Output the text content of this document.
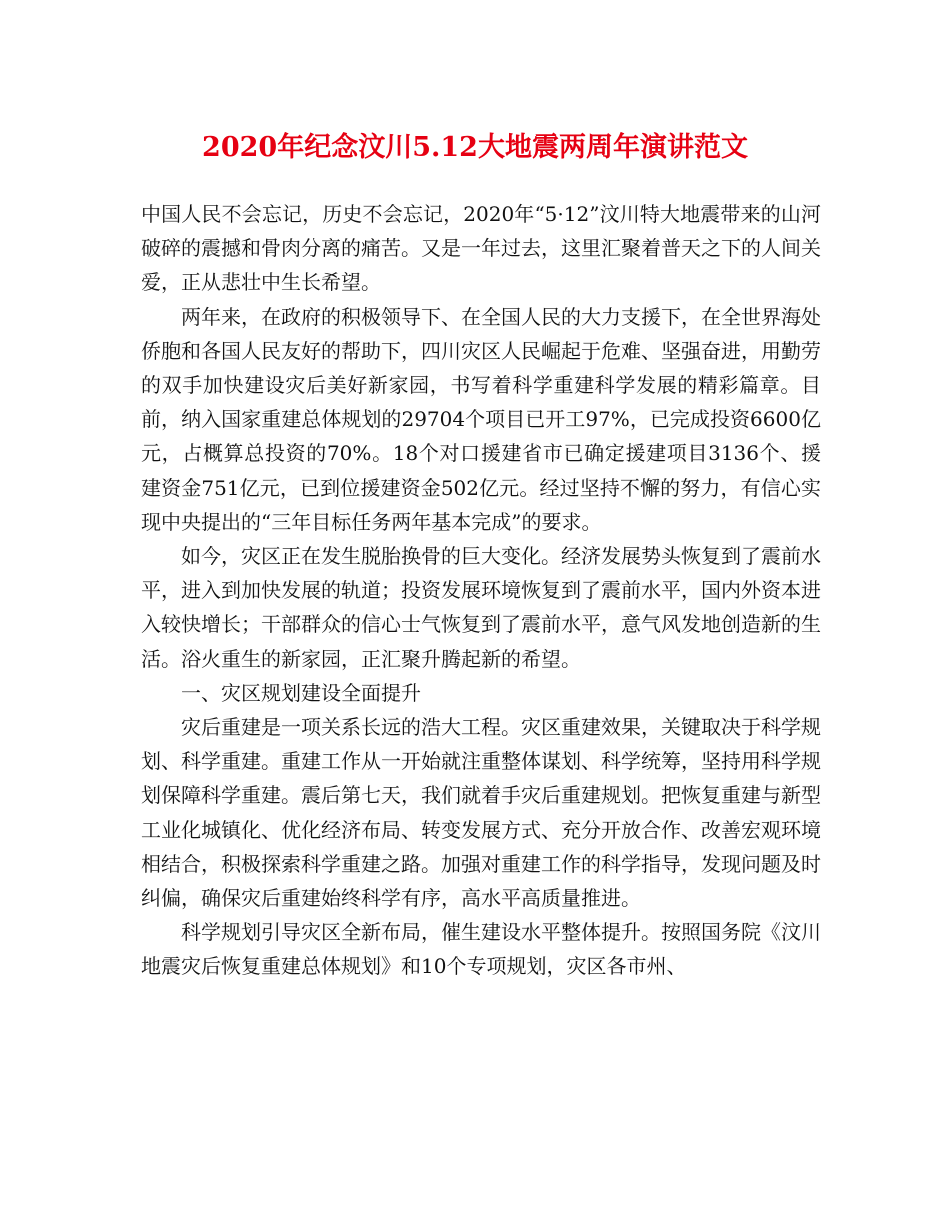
2020年纪念汶川5.12大地震两周年演讲范文

中国人民不会忘记，历史不会忘记，2020年“5·12”汶川特大地震带来的山河破碎的震撼和骨肉分离的痛苦。又是一年过去，这里汇聚着普天之下的人间关爱，正从悲壮中生长希望。

两年来，在政府的积极领导下、在全国人民的大力支援下，在全世界海处侨胞和各国人民友好的帮助下，四川灾区人民崛起于危难、坚强奋进，用勤劳的双手加快建设灾后美好新家园，书写着科学重建科学发展的精彩篇章。目前，纳入国家重建总体规划的29704个项目已开工97%，已完成投资6600亿元，占概算总投资的70%。18个对口援建省市已确定援建项目3136个、援建资金751亿元，已到位援建资金502亿元。经过坚持不懈的努力，有信心实现中央提出的“三年目标任务两年基本完成”的要求。

如今，灾区正在发生脱胎换骨的巨大变化。经济发展势头恢复到了震前水平，进入到加快发展的轨道；投资发展环境恢复到了震前水平，国内外资本进入较快增长；干部群众的信心士气恢复到了震前水平，意气风发地创造新的生活。浴火重生的新家园，正汇聚升腾起新的希望。

一、灾区规划建设全面提升

灾后重建是一项关系长远的浩大工程。灾区重建效果，关键取决于科学规划、科学重建。重建工作从一开始就注重整体谋划、科学统筹，坚持用科学规划保障科学重建。震后第七天，我们就着手灾后重建规划。把恢复重建与新型工业化城镇化、优化经济布局、转变发展方式、充分开放合作、改善宏观环境相结合，积极探索科学重建之路。加强对重建工作的科学指导，发现问题及时纠偏，确保灾后重建始终科学有序，高水平高质量推进。

科学规划引导灾区全新布局，催生建设水平整体提升。按照国务院《汶川地震灾后恢复重建总体规划》和10个专项规划，灾区各市州、
